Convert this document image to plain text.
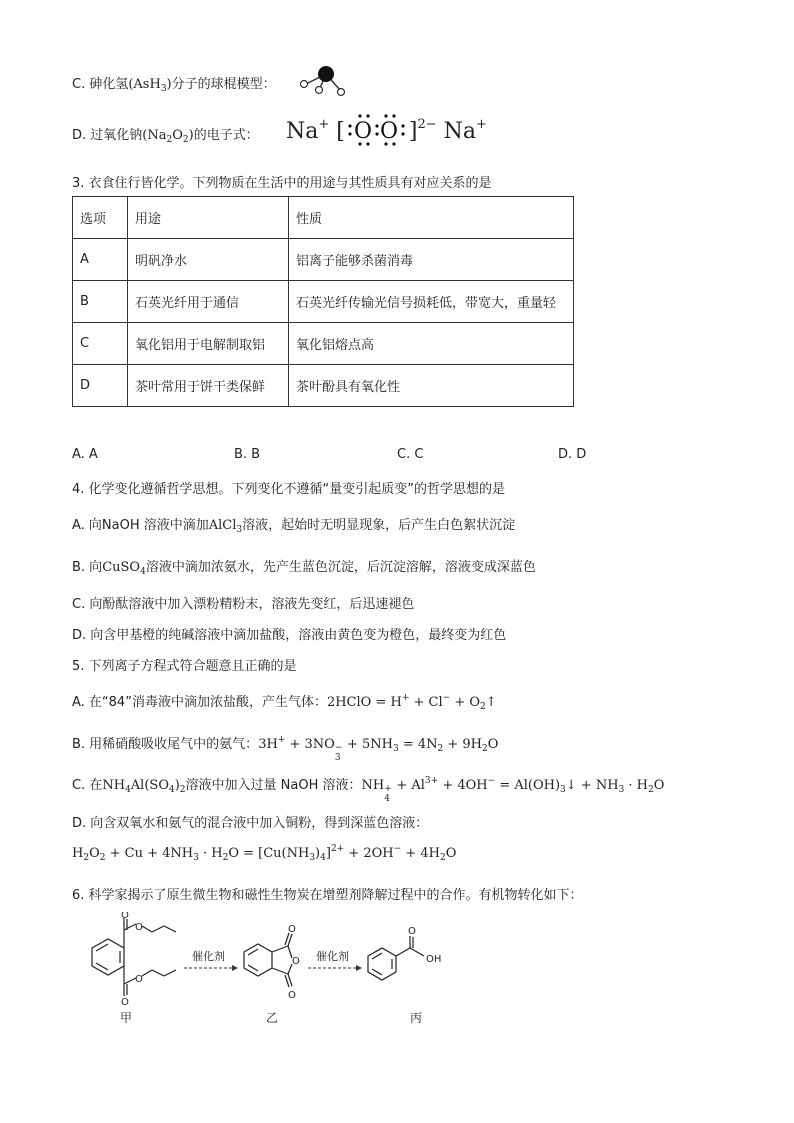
C. 砷化氢(AsH$_3$)分子的球棍模型：
D. 过氧化钠$(Na_2O_2)$的电子式： Na+ [ O O ]$^{2-}$ Na+
3. 衣食住行皆化学。下列物质在生活中的用途与其性质具有对应关系的是
选项	用途	性质
A	明矾净水	铝离子能够杀菌消毒
B	石英光纤用于通信	石英光纤传输光信号损耗低，带宽大，重量轻
C	氧化铝用于电解制取铝	氧化铝熔点高
D	茶叶常用于饼干类保鲜	茶叶酚具有氧化性
A. A	B. B	C. C	D. D
4. 化学变化遵循哲学思想。下列变化不遵循“量变引起质变”的哲学思想的是
A. 向NaOH 溶液中滴加AlCl$_3$溶液，起始时无明显现象，后产生白色絮状沉淀
B. 向CuSO$_4$溶液中滴加浓氨水，先产生蓝色沉淀，后沉淀溶解，溶液变成深蓝色
C. 向酚酞溶液中加入漂粉精粉末，溶液先变红，后迅速褪色
D. 向含甲基橙的纯碱溶液中滴加盐酸，溶液由黄色变为橙色，最终变为红色
5. 下列离子方程式符合题意且正确的是
A. 在“84”消毒液中滴加浓盐酸，产生气体：2HClO = $H^+ + Cl^- + O_2↑$
B. 用稀硝酸吸收尾气中的氨气：3H+ + 3NO
3
− + $5NH_3 = 4N_2 + 9H_2O$
C. 在$NH_4Al(SO_4)_2$溶液中加入过量 NaOH 溶液：NH
4
+ + $Al^{3+} + 4OH^-$ = $Al(OH)_3↓ + NH_3 \cdot H_2O$
D. 向含双氧水和氨气的混合液中加入铜粉，得到深蓝色溶液：
$H_2O_2 + Cu + 4NH_3 \cdot H_2O = [Cu(NH_3)_4]^{2+} + 2OH^- + 4H_2O$
6. 科学家揭示了原生微生物和磁性生物炭在增塑剂降解过程中的合作。有机物转化如下：
O
O
O
O
甲
催化剂
O
O
O
乙
催化剂
O
OH
丙
